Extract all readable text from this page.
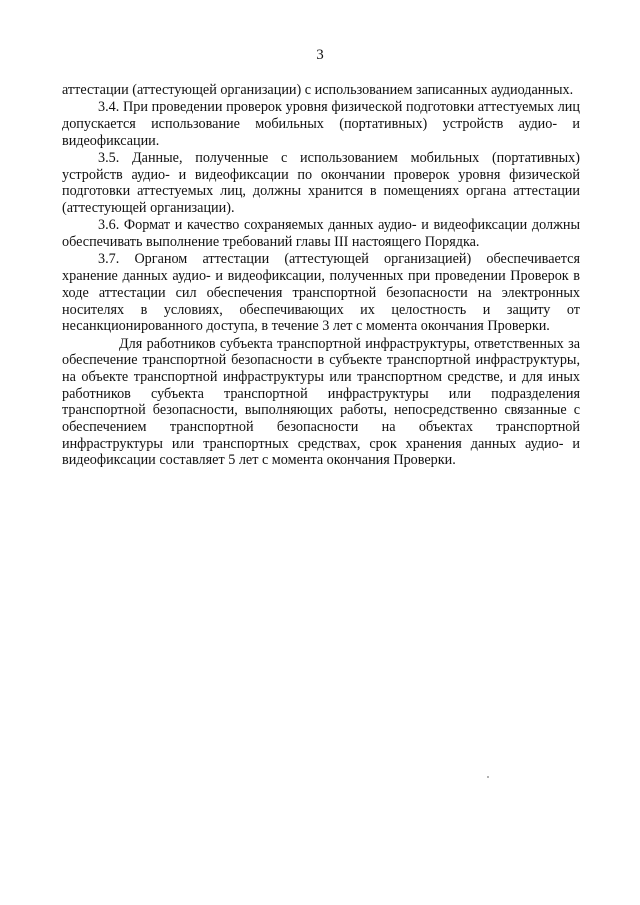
3

аттестации (аттестующей организации) с использованием записанных аудиоданных.

3.4. При проведении проверок уровня физической подготовки аттестуемых лиц допускается использование мобильных (портативных) устройств аудио- и видеофиксации.

3.5. Данные, полученные с использованием мобильных (портативных) устройств аудио- и видеофиксации по окончании проверок уровня физической подготовки аттестуемых лиц, должны хранится в помещениях органа аттестации (аттестующей организации).

3.6. Формат и качество сохраняемых данных аудио- и видеофиксации должны обеспечивать выполнение требований главы III настоящего Порядка.

3.7. Органом аттестации (аттестующей организацией) обеспечивается хранение данных аудио- и видеофиксации, полученных при проведении Проверок в ходе аттестации сил обеспечения транспортной безопасности на электронных носителях в условиях, обеспечивающих их целостность и защиту от несанкционированного доступа, в течение 3 лет с момента окончания Проверки.

Для работников субъекта транспортной инфраструктуры, ответственных за обеспечение транспортной безопасности в субъекте транспортной инфраструктуры, на объекте транспортной инфраструктуры или транспортном средстве, и для иных работников субъекта транспортной инфраструктуры или подразделения транспортной безопасности, выполняющих работы, непосредственно связанные с обеспечением транспортной безопасности на объектах транспортной инфраструктуры или транспортных средствах, срок хранения данных аудио- и видеофиксации составляет 5 лет с момента окончания Проверки.
